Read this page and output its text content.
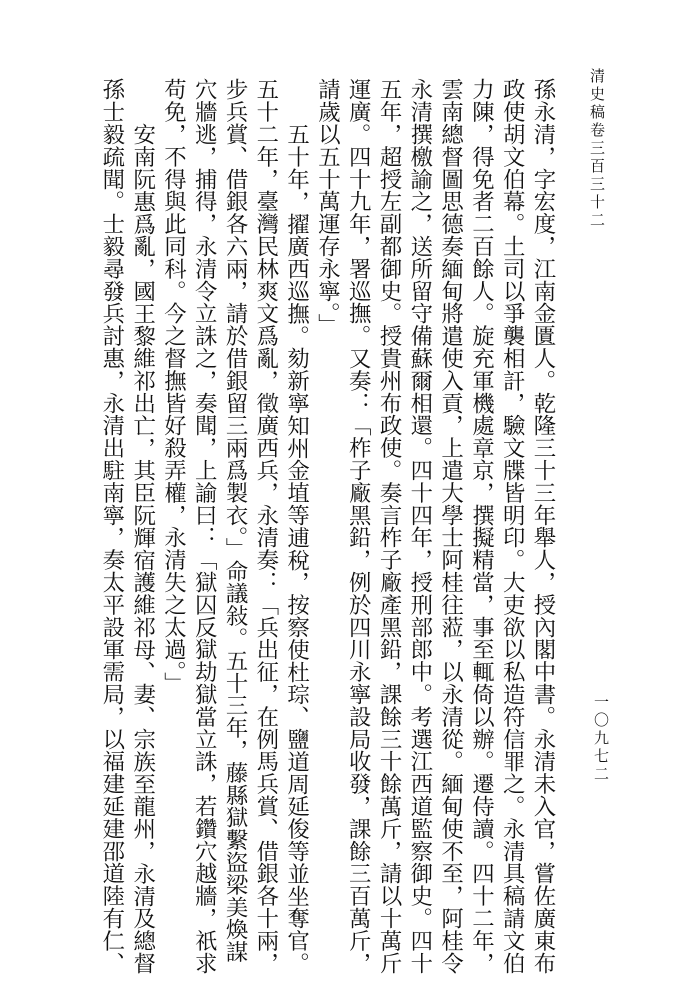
清史稿卷三百三十二
一〇九七二

孫永清，字宏度，江南金匱人。乾隆三十三年舉人，授內閣中書。永清未入官，嘗佐廣東布政使胡文伯幕。土司以爭襲相訐，驗文牒皆明印。大吏欲以私造符信罪之。永清具稿請文伯力陳，得免者二百餘人。旋充軍機處章京，撰擬精當，事至輒倚以辦。遷侍讀。四十二年，雲南總督圖思德奏緬甸將遣使入貢，上遣大學士阿桂往蒞，以永清從。緬甸使不至，阿桂令永清撰檄諭之，送所留守備蘇爾相還。四十四年，授刑部郎中。考選江西道監察御史。四十五年，超授左副都御史。授貴州布政使。奏言柞子廠產黑鉛，課餘三十餘萬斤，請以十萬斤運廣。四十九年，署巡撫。又奏：「柞子廠黑鉛，例於四川永寧設局收發，課餘三百萬斤，請歲以五十萬運存永寧。」

五十年，擢廣西巡撫。劾新寧知州金埴等逋稅，按察使杜琮、鹽道周延俊等並坐奪官。五十二年，臺灣民林爽文爲亂，徵廣西兵，永清奏：「兵出征，在例馬兵賞、借銀各十兩，步兵賞、借銀各六兩，請於借銀留三兩爲製衣。」命議敍。五十三年，藤縣獄繫盜梁美煥謀穴牆逃，捕得，永清令立誅之，奏聞，上諭曰：「獄囚反獄劫獄當立誅，若鑽穴越牆，祇求苟免，不得與此同科。今之督撫皆好殺弄權，永清失之太過。」

安南阮惠爲亂，國王黎維祁出亡，其臣阮輝宿護維祁母、妻、宗族至龍州，永清及總督孫士毅疏聞。士毅尋發兵討惠，永清出駐南寧，奏太平設軍需局，以福建延建邵道陸有仁、
